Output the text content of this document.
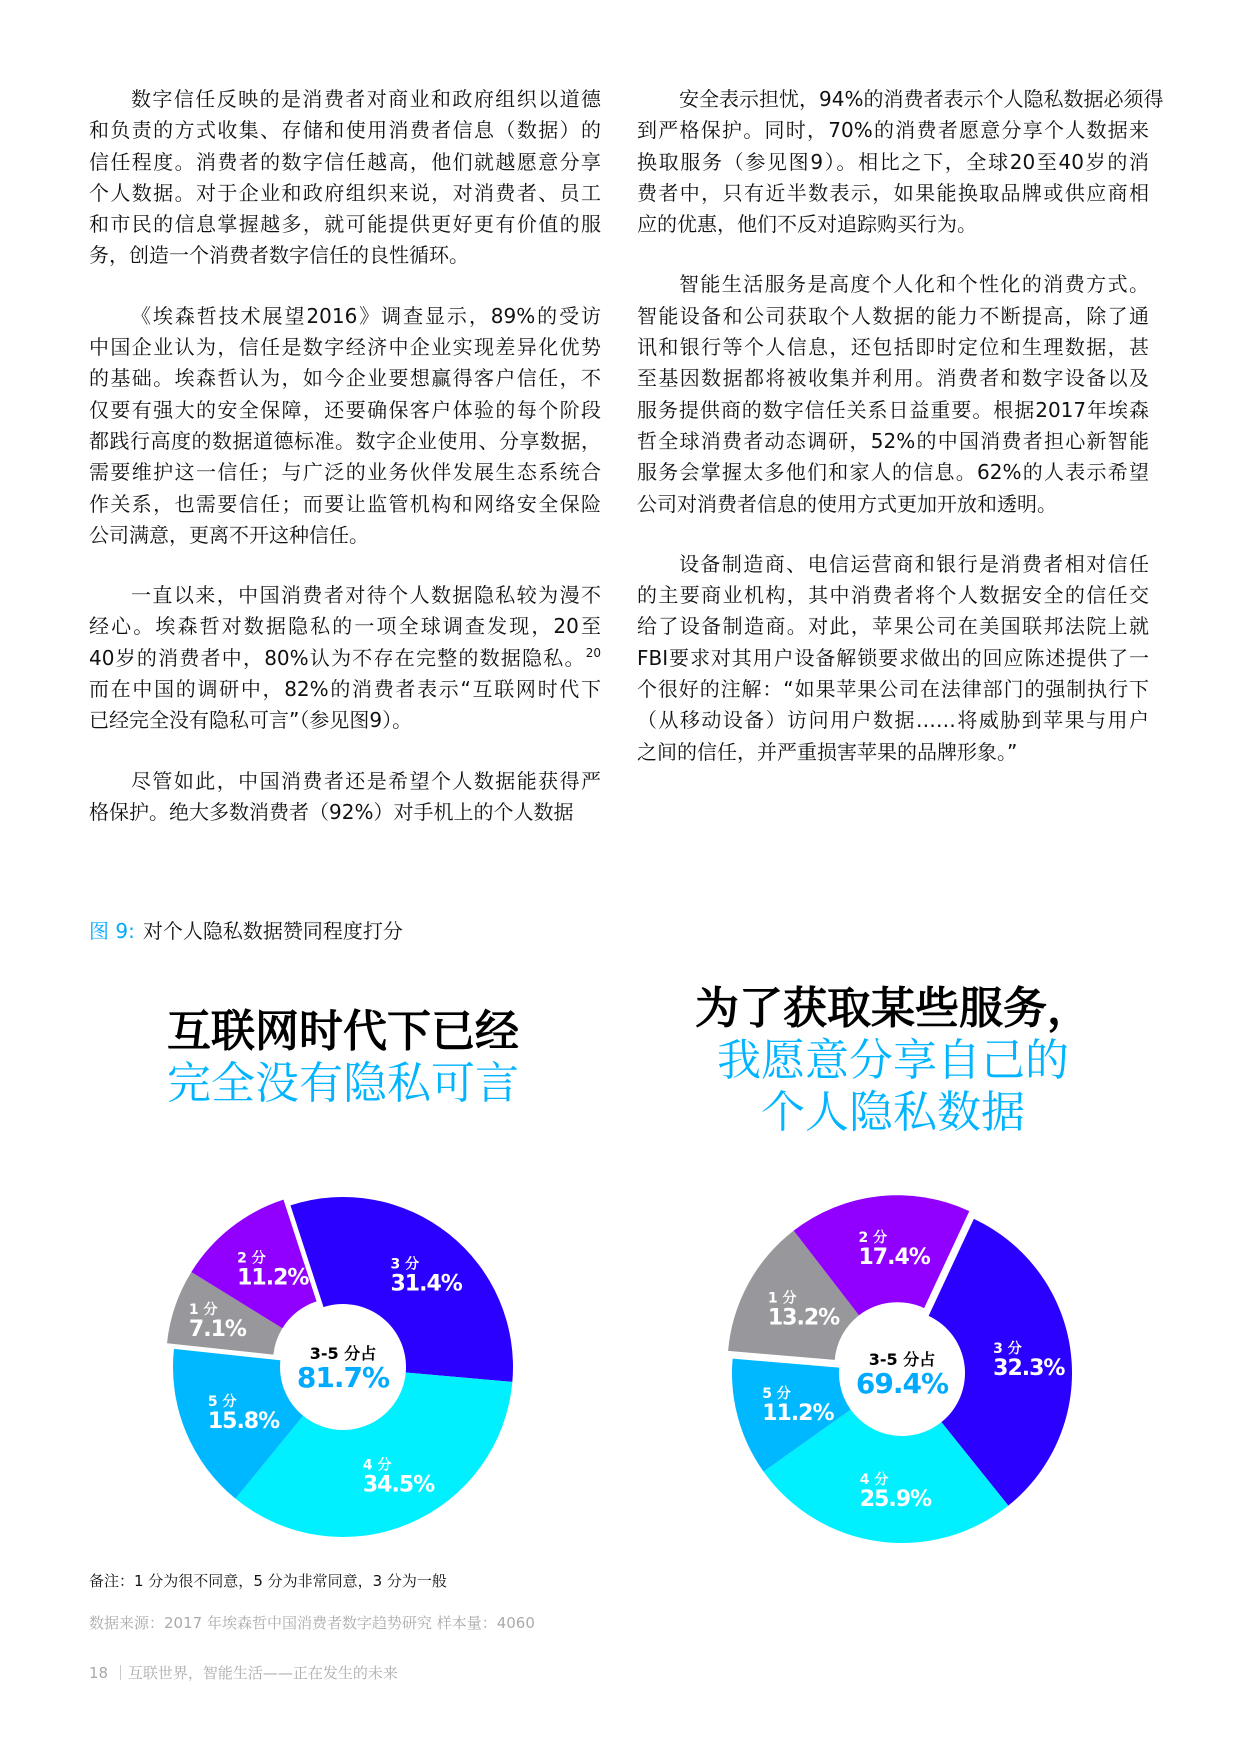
数字信任反映的是消费者对商业和政府组织以道德
和负责的方式收集、存储和使用消费者信息（数据）的
信任程度。消费者的数字信任越高，他们就越愿意分享
个人数据。对于企业和政府组织来说，对消费者、员工
和市民的信息掌握越多，就可能提供更好更有价值的服
务，创造一个消费者数字信任的良性循环。
《埃森哲技术展望2016》调查显示，89%的受访
中国企业认为，信任是数字经济中企业实现差异化优势
的基础。埃森哲认为，如今企业要想赢得客户信任，不
仅要有强大的安全保障，还要确保客户体验的每个阶段
都践行高度的数据道德标准。数字企业使用、分享数据，
需要维护这一信任；与广泛的业务伙伴发展生态系统合
作关系，也需要信任；而要让监管机构和网络安全保险
公司满意，更离不开这种信任。
一直以来，中国消费者对待个人数据隐私较为漫不
经心。埃森哲对数据隐私的一项全球调查发现，20至
40岁的消费者中，80%认为不存在完整的数据隐私。$^{20}$
而在中国的调研中，82%的消费者表示“互联网时代下
已经完全没有隐私可言”（参见图9）。
尽管如此，中国消费者还是希望个人数据能获得严
格保护。绝大多数消费者（92%）对手机上的个人数据
安全表示担忧，94%的消费者表示个人隐私数据必须得
到严格保护。同时，70%的消费者愿意分享个人数据来
换取服务（参见图9）。相比之下，全球20至40岁的消
费者中，只有近半数表示，如果能换取品牌或供应商相
应的优惠，他们不反对追踪购买行为。
智能生活服务是高度个人化和个性化的消费方式。
智能设备和公司获取个人数据的能力不断提高，除了通
讯和银行等个人信息，还包括即时定位和生理数据，甚
至基因数据都将被收集并利用。消费者和数字设备以及
服务提供商的数字信任关系日益重要。根据2017年埃森
哲全球消费者动态调研，52%的中国消费者担心新智能
服务会掌握太多他们和家人的信息。62%的人表示希望
公司对消费者信息的使用方式更加开放和透明。
设备制造商、电信运营商和银行是消费者相对信任
的主要商业机构，其中消费者将个人数据安全的信任交
给了设备制造商。对此，苹果公司在美国联邦法院上就
FBI要求对其用户设备解锁要求做出的回应陈述提供了一
个很好的注解：“如果苹果公司在法律部门的强制执行下
（从移动设备）访问用户数据……将威胁到苹果与用户
之间的信任，并严重损害苹果的品牌形象。”
图 9: 对个人隐私数据赞同程度打分
互联网时代下已经
完全没有隐私可言
为了获取某些服务，
我愿意分享自己的
个人隐私数据
3 分
31.4%
4 分
34.5%
5 分
15.8%
1 分
7.1%
2 分
11.2%
3-5 分占
81.7%
3 分
32.3%
4 分
25.9%
5 分
11.2%
1 分
13.2%
2 分
17.4%
3-5 分占
69.4%
备注：1 分为很不同意，5 分为非常同意，3 分为一般
数据来源：2017 年埃森哲中国消费者数字趋势研究 样本量：4060
18 ｜互联世界，智能生活——正在发生的未来
